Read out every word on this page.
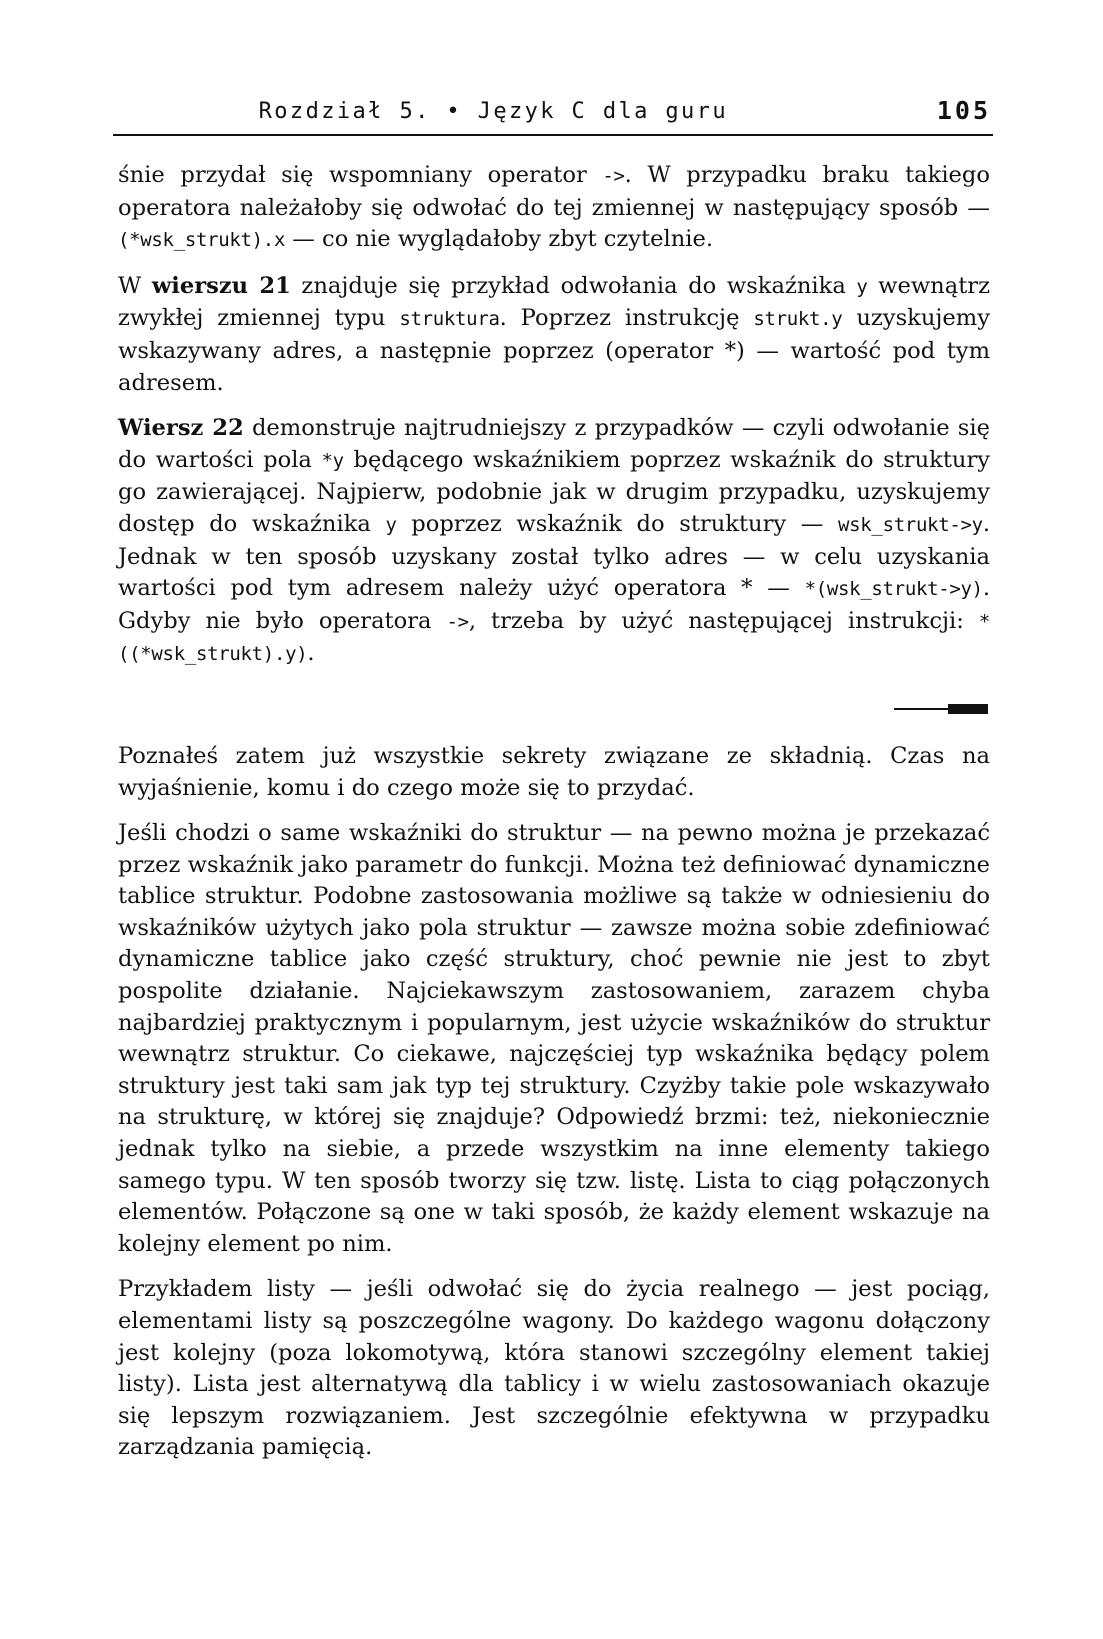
Rozdział 5. • Język C dla guru	105

śnie przydał się wspomniany operator ->. W przypadku braku takiego operatora należałoby się odwołać do tej zmiennej w następujący sposób — (*wsk_strukt).x — co nie wyglądałoby zbyt czytelnie.

W wierszu 21 znajduje się przykład odwołania do wskaźnika y wewnątrz zwykłej zmiennej typu struktura. Poprzez instrukcję strukt.y uzyskujemy wskazywany adres, a następnie poprzez (operator *) — wartość pod tym adresem.

Wiersz 22 demonstruje najtrudniejszy z przypadków — czyli odwołanie się do wartości pola *y będącego wskaźnikiem poprzez wskaźnik do struktury go zawierającej. Najpierw, podobnie jak w drugim przypadku, uzyskujemy dostęp do wskaźnika y poprzez wskaźnik do struktury — wsk_strukt->y. Jednak w ten sposób uzyskany został tylko adres — w celu uzyskania wartości pod tym adresem należy użyć operatora * — *(wsk_strukt->y). Gdyby nie było operatora ->, trzeba by użyć następującej instrukcji: *((*wsk_strukt).y).

Poznałeś zatem już wszystkie sekrety związane ze składnią. Czas na wyjaśnienie, komu i do czego może się to przydać.

Jeśli chodzi o same wskaźniki do struktur — na pewno można je przekazać przez wskaźnik jako parametr do funkcji. Można też definiować dynamiczne tablice struktur. Podobne zastosowania możliwe są także w odniesieniu do wskaźników użytych jako pola struktur — zawsze można sobie zdefiniować dynamiczne tablice jako część struktury, choć pewnie nie jest to zbyt pospolite działanie. Najciekawszym zastosowaniem, zarazem chyba najbardziej praktycznym i popularnym, jest użycie wskaźników do struktur wewnątrz struktur. Co ciekawe, najczęściej typ wskaźnika będący polem struktury jest taki sam jak typ tej struktury. Czyżby takie pole wskazywało na strukturę, w której się znajduje? Odpowiedź brzmi: też, niekoniecznie jednak tylko na siebie, a przede wszystkim na inne elementy takiego samego typu. W ten sposób tworzy się tzw. listę. Lista to ciąg połączonych elementów. Połączone są one w taki sposób, że każdy element wskazuje na kolejny element po nim.

Przykładem listy — jeśli odwołać się do życia realnego — jest pociąg, elementami listy są poszczególne wagony. Do każdego wagonu dołączony jest kolejny (poza lokomotywą, która stanowi szczególny element takiej listy). Lista jest alternatywą dla tablicy i w wielu zastosowaniach okazuje się lepszym rozwiązaniem. Jest szczególnie efektywna w przypadku zarządzania pamięcią.
